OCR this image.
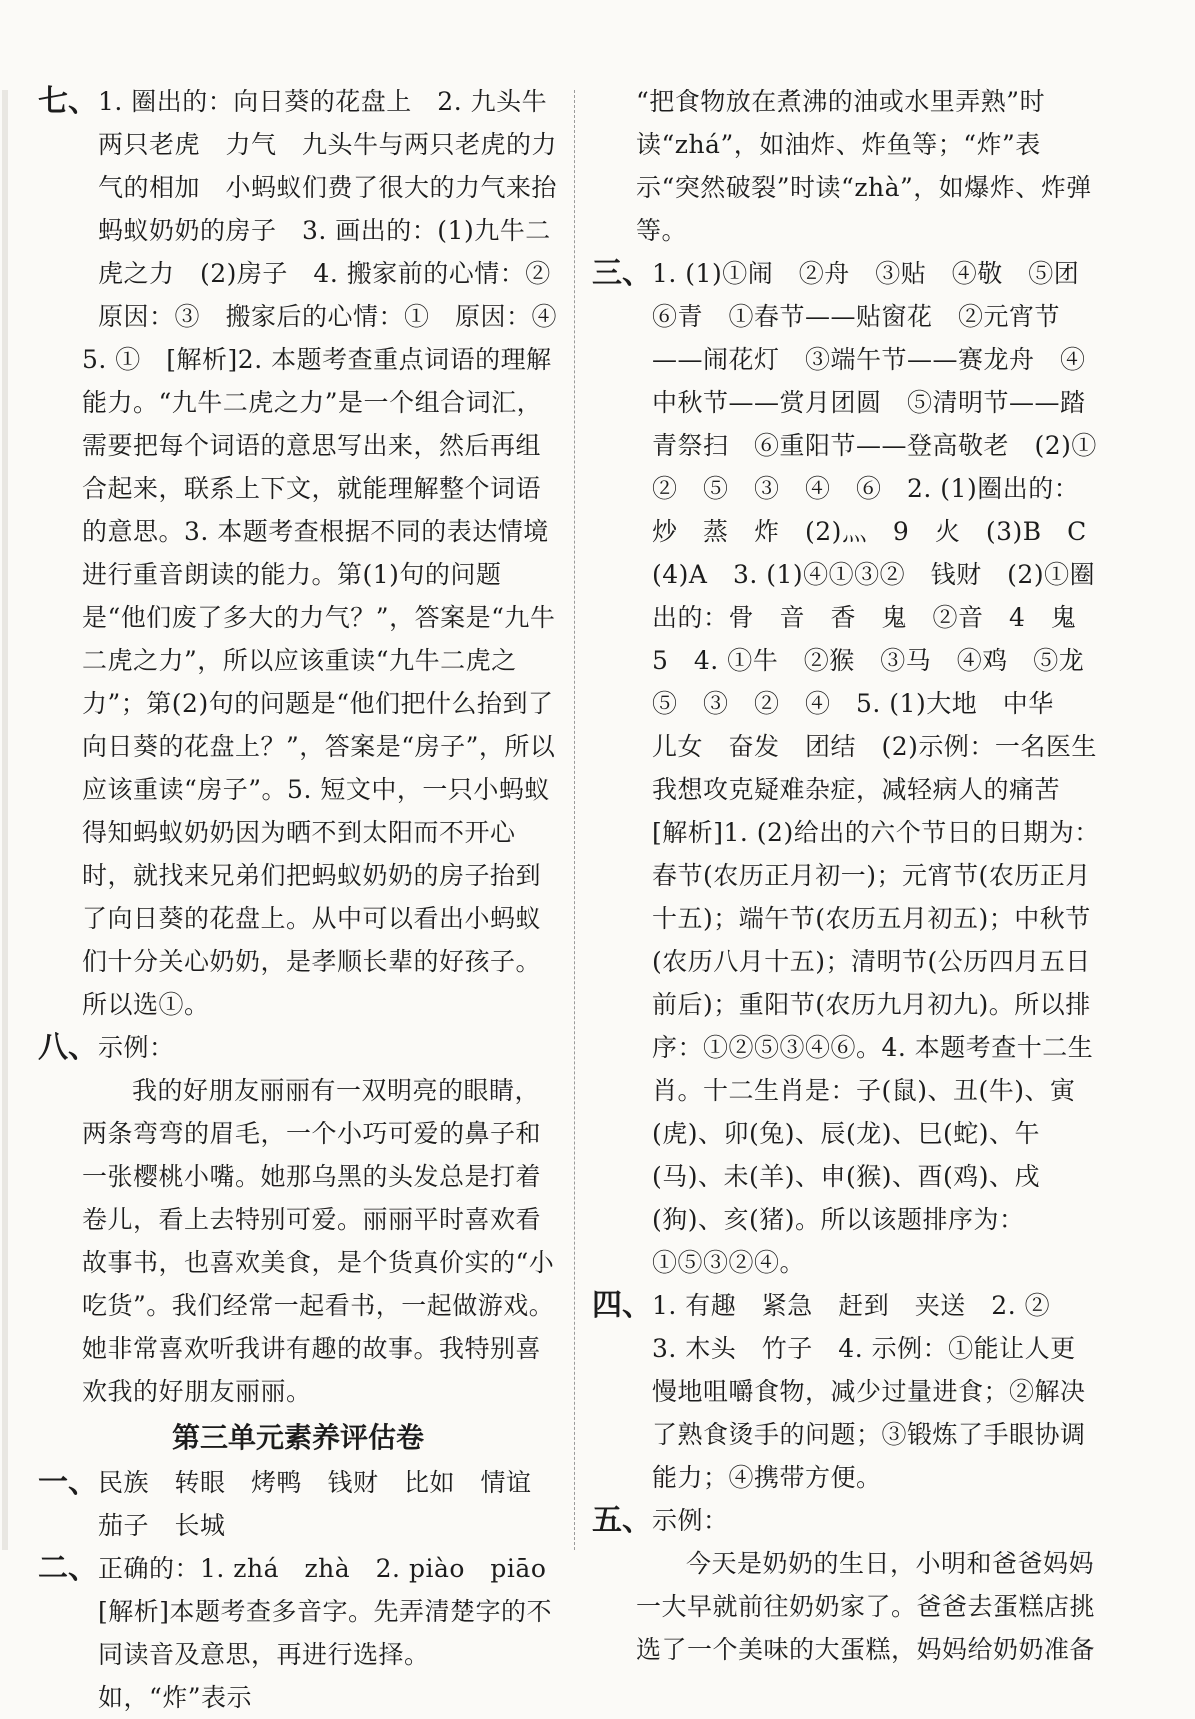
七、 1. 圈出的：向日葵的花盘上　2. 九头牛　两只老虎　力气　九头牛与两只老虎的力气的相加　小蚂蚁们费了很大的力气来抬蚂蚁奶奶的房子　3. 画出的：(1)九牛二虎之力　(2)房子　4. 搬家前的心情：②　原因：③　搬家后的心情：①　原因：④

5. ①　[解析]2. 本题考查重点词语的理解能力。“九牛二虎之力”是一个组合词汇，需要把每个词语的意思写出来，然后再组合起来，联系上下文，就能理解整个词语的意思。3. 本题考查根据不同的表达情境进行重音朗读的能力。第(1)句的问题是“他们废了多大的力气？”，答案是“九牛二虎之力”，所以应该重读“九牛二虎之力”；第(2)句的问题是“他们把什么抬到了向日葵的花盘上？”，答案是“房子”，所以应该重读“房子”。5. 短文中，一只小蚂蚁得知蚂蚁奶奶因为晒不到太阳而不开心时，就找来兄弟们把蚂蚁奶奶的房子抬到了向日葵的花盘上。从中可以看出小蚂蚁们十分关心奶奶，是孝顺长辈的好孩子。所以选①。

八、 示例：

我的好朋友丽丽有一双明亮的眼睛，两条弯弯的眉毛，一个小巧可爱的鼻子和一张樱桃小嘴。她那乌黑的头发总是打着卷儿，看上去特别可爱。丽丽平时喜欢看故事书，也喜欢美食，是个货真价实的“小吃货”。我们经常一起看书，一起做游戏。她非常喜欢听我讲有趣的故事。我特别喜欢我的好朋友丽丽。

第三单元素养评估卷
一、 民族　转眼　烤鸭　钱财　比如　情谊　茄子　长城

二、 正确的：1. zhá　zhà　2. piào　piāo [解析]本题考查多音字。先弄清楚字的不同读音及意思，再进行选择。如，“炸”表示

“把食物放在煮沸的油或水里弄熟”时读“zhá”，如油炸、炸鱼等；“炸”表示“突然破裂”时读“zhà”，如爆炸、炸弹等。

三、 1. (1)①闹　②舟　③贴　④敬　⑤团　⑥青　①春节——贴窗花　②元宵节——闹花灯　③端午节——赛龙舟　④中秋节——赏月团圆　⑤清明节——踏青祭扫　⑥重阳节——登高敬老　(2)①　②　⑤　③　④　⑥　2. (1)圈出的：炒　蒸　炸　(2)灬　9　火　(3)B　C　(4)A　3. (1)④①③②　钱财　(2)①圈出的：骨　音　香　鬼　②音　4　鬼　5　4. ①牛　②猴　③马　④鸡　⑤龙　⑤　③　②　④　5. (1)大地　中华　儿女　奋发　团结　(2)示例：一名医生　我想攻克疑难杂症，减轻病人的痛苦　[解析]1. (2)给出的六个节日的日期为：春节(农历正月初一)；元宵节(农历正月十五)；端午节(农历五月初五)；中秋节(农历八月十五)；清明节(公历四月五日前后)；重阳节(农历九月初九)。所以排序：①②⑤③④⑥。4. 本题考查十二生肖。十二生肖是：子(鼠)、丑(牛)、寅(虎)、卯(兔)、辰(龙)、巳(蛇)、午(马)、未(羊)、申(猴)、酉(鸡)、戌(狗)、亥(猪)。所以该题排序为：①⑤③②④。

四、 1. 有趣　紧急　赶到　夹送　2. ②　3. 木头　竹子　4. 示例：①能让人更慢地咀嚼食物，减少过量进食；②解决了熟食烫手的问题；③锻炼了手眼协调能力；④携带方便。

五、 示例：

今天是奶奶的生日，小明和爸爸妈妈一大早就前往奶奶家了。爸爸去蛋糕店挑选了一个美味的大蛋糕，妈妈给奶奶准备
